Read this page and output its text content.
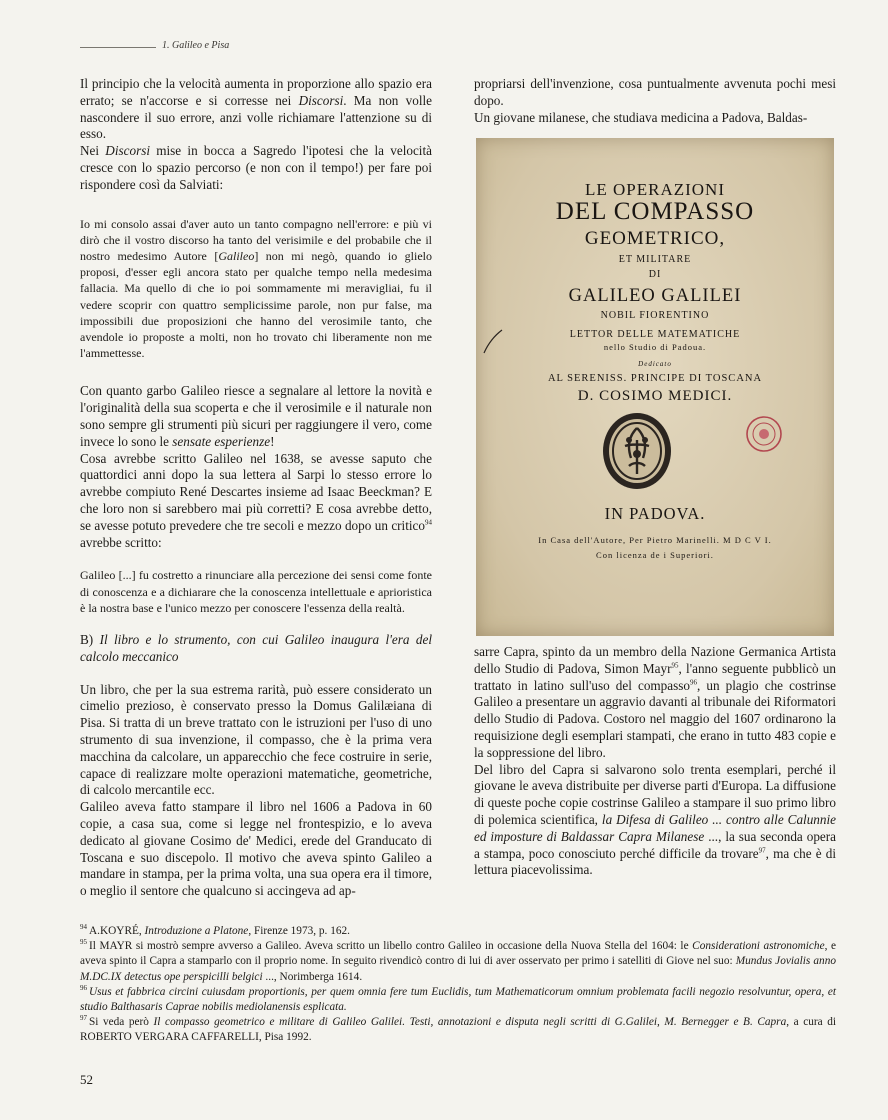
1. Galileo e Pisa

Il principio che la velocità aumenta in proporzione allo spazio era errato; se n'accorse e si corresse nei Discorsi. Ma non volle nascondere il suo errore, anzi volle richiamare l'attenzione su di esso.

Nei Discorsi mise in bocca a Sagredo l'ipotesi che la velocità cresce con lo spazio percorso (e non con il tempo!) per fare poi rispondere così da Salviati:

Io mi consolo assai d'aver auto un tanto compagno nell'errore: e più vi dirò che il vostro discorso ha tanto del verisimile e del probabile che il nostro medesimo Autore [Galileo] non mi negò, quando io glielo proposi, d'esser egli ancora stato per qualche tempo nella medesima fallacia. Ma quello di che io poi sommamente mi meravigliai, fu il vedere scoprir con quattro semplicissime parole, non pur false, ma impossibili due proposizioni che hanno del verosimile tanto, che avendole io proposte a molti, non ho trovato chi liberamente non me l'ammettesse.

Con quanto garbo Galileo riesce a segnalare al lettore la novità e l'originalità della sua scoperta e che il verosimile e il naturale non sono sempre gli strumenti più sicuri per raggiungere il vero, come invece lo sono le sensate esperienze!

Cosa avrebbe scritto Galileo nel 1638, se avesse saputo che quattordici anni dopo la sua lettera al Sarpi lo stesso errore lo avrebbe compiuto René Descartes insieme ad Isaac Beeckman? E che loro non si sarebbero mai più corretti? E cosa avrebbe detto, se avesse potuto prevedere che tre secoli e mezzo dopo un critico$^{94}$ avrebbe scritto:

Galileo [...] fu costretto a rinunciare alla percezione dei sensi come fonte di conoscenza e a dichiarare che la conoscenza intellettuale e aprioristica è la nostra base e l'unico mezzo per conoscere l'essenza della realtà.

B) Il libro e lo strumento, con cui Galileo inaugura l'era del calcolo meccanico

Un libro, che per la sua estrema rarità, può essere considerato un cimelio prezioso, è conservato presso la Domus Galilæiana di Pisa. Si tratta di un breve trattato con le istruzioni per l'uso di uno strumento di sua invenzione, il compasso, che è la prima vera macchina da calcolare, un apparecchio che fece costruire in serie, capace di realizzare molte operazioni matematiche, geometriche, di calcolo mercantile ecc.

Galileo aveva fatto stampare il libro nel 1606 a Padova in 60 copie, a casa sua, come si legge nel frontespizio, e lo aveva dedicato al giovane Cosimo de' Medici, erede del Granducato di Toscana e suo discepolo. Il motivo che aveva spinto Galileo a mandare in stampa, per la prima volta, una sua opera era il timore, o meglio il sentore che qualcuno si accingeva ad ap-

propriarsi dell'invenzione, cosa puntualmente avvenuta pochi mesi dopo.

Un giovane milanese, che studiava medicina a Padova, Baldas-

LE OPERAZIONI
DEL COMPASSO
GEOMETRICO,
ET MILITARE
DI
GALILEO GALILEI
NOBIL FIORENTINO
LETTOR DELLE MATEMATICHE
nello Studio di Padoua.
Dedicato
AL SERENISS. PRINCIPE DI TOSCANA
D. COSIMO MEDICI.
IN PADOVA.
In Casa dell'Autore, Per Pietro Marinelli. M D C V I.
Con licenza de i Superiori.

sarre Capra, spinto da un membro della Nazione Germanica Artista dello Studio di Padova, Simon Mayr$^{95}$, l'anno seguente pubblicò un trattato in latino sull'uso del compasso$^{96}$, un plagio che costrinse Galileo a presentare un aggravio davanti al tribunale dei Riformatori dello Studio di Padova. Costoro nel maggio del 1607 ordinarono la requisizione degli esemplari stampati, che erano in tutto 483 copie e la soppressione del libro.

Del libro del Capra si salvarono solo trenta esemplari, perché il giovane le aveva distribuite per diverse parti d'Europa. La diffusione di queste poche copie costrinse Galileo a stampare il suo primo libro di polemica scientifica, la Difesa di Galileo ... contro alle Calunnie ed imposture di Baldassar Capra Milanese ..., la sua seconda opera a stampa, poco conosciuto perché difficile da trovare$^{97}$, ma che è di lettura piacevolissima.

$^{94}$ A.KOYRÉ, Introduzione a Platone, Firenze 1973, p. 162.

$^{95}$ Il MAYR si mostrò sempre avverso a Galileo. Aveva scritto un libello contro Galileo in occasione della Nuova Stella del 1604: le Considerationi astronomiche, e aveva spinto il Capra a stamparlo con il proprio nome. In seguito rivendicò contro di lui di aver osservato per primo i satelliti di Giove nel suo: Mundus Jovialis anno M.DC.IX detectus ope perspicilli belgici ..., Norimberga 1614.

$^{96}$ Usus et fabbrica circini cuiusdam proportionis, per quem omnia fere tum Euclidis, tum Mathematicorum omnium problemata facili negozio resolvuntur, opera, et studio Balthasaris Caprae nobilis mediolanensis esplicata.

$^{97}$ Si veda però Il compasso geometrico e militare di Galileo Galilei. Testi, annotazioni e disputa negli scritti di G.Galilei, M. Bernegger e B. Capra, a cura di ROBERTO VERGARA CAFFARELLI, Pisa 1992.

52
